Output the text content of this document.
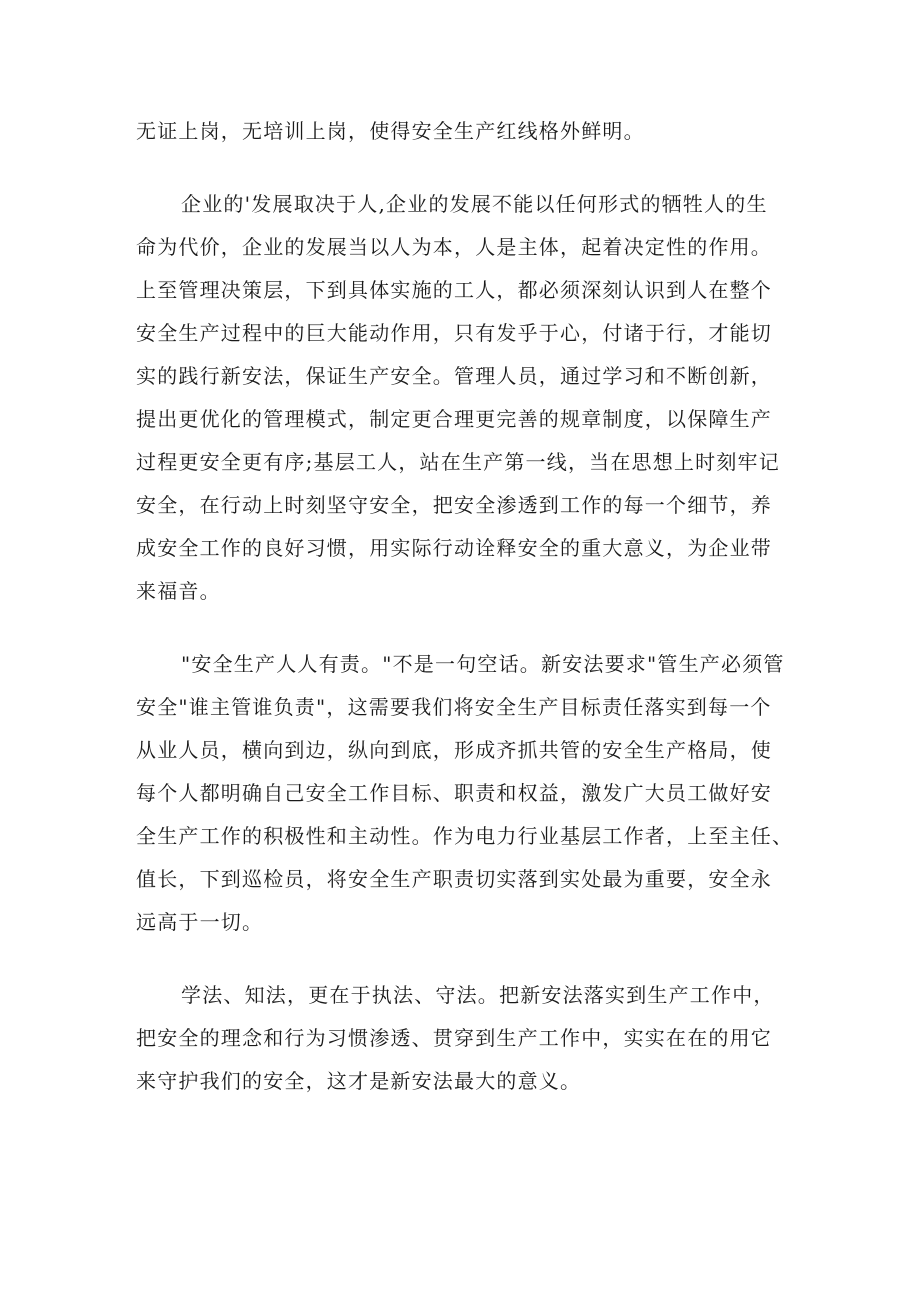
无证上岗，无培训上岗，使得安全生产红线格外鲜明。
企业的'发展取决于人,企业的发展不能以任何形式的牺牲人的生
命为代价，企业的发展当以人为本，人是主体，起着决定性的作用。
上至管理决策层，下到具体实施的工人，都必须深刻认识到人在整个
安全生产过程中的巨大能动作用，只有发乎于心，付诸于行，才能切
实的践行新安法，保证生产安全。管理人员，通过学习和不断创新，
提出更优化的管理模式，制定更合理更完善的规章制度，以保障生产
过程更安全更有序;基层工人，站在生产第一线，当在思想上时刻牢记
安全，在行动上时刻坚守安全，把安全渗透到工作的每一个细节，养
成安全工作的良好习惯，用实际行动诠释安全的重大意义，为企业带
来福音。
"安全生产人人有责。"不是一句空话。新安法要求"管生产必须管
安全"谁主管谁负责"，这需要我们将安全生产目标责任落实到每一个
从业人员，横向到边，纵向到底，形成齐抓共管的安全生产格局，使
每个人都明确自己安全工作目标、职责和权益，激发广大员工做好安
全生产工作的积极性和主动性。作为电力行业基层工作者，上至主任、
值长，下到巡检员，将安全生产职责切实落到实处最为重要，安全永
远高于一切。
学法、知法，更在于执法、守法。把新安法落实到生产工作中，
把安全的理念和行为习惯渗透、贯穿到生产工作中，实实在在的用它
来守护我们的安全，这才是新安法最大的意义。
